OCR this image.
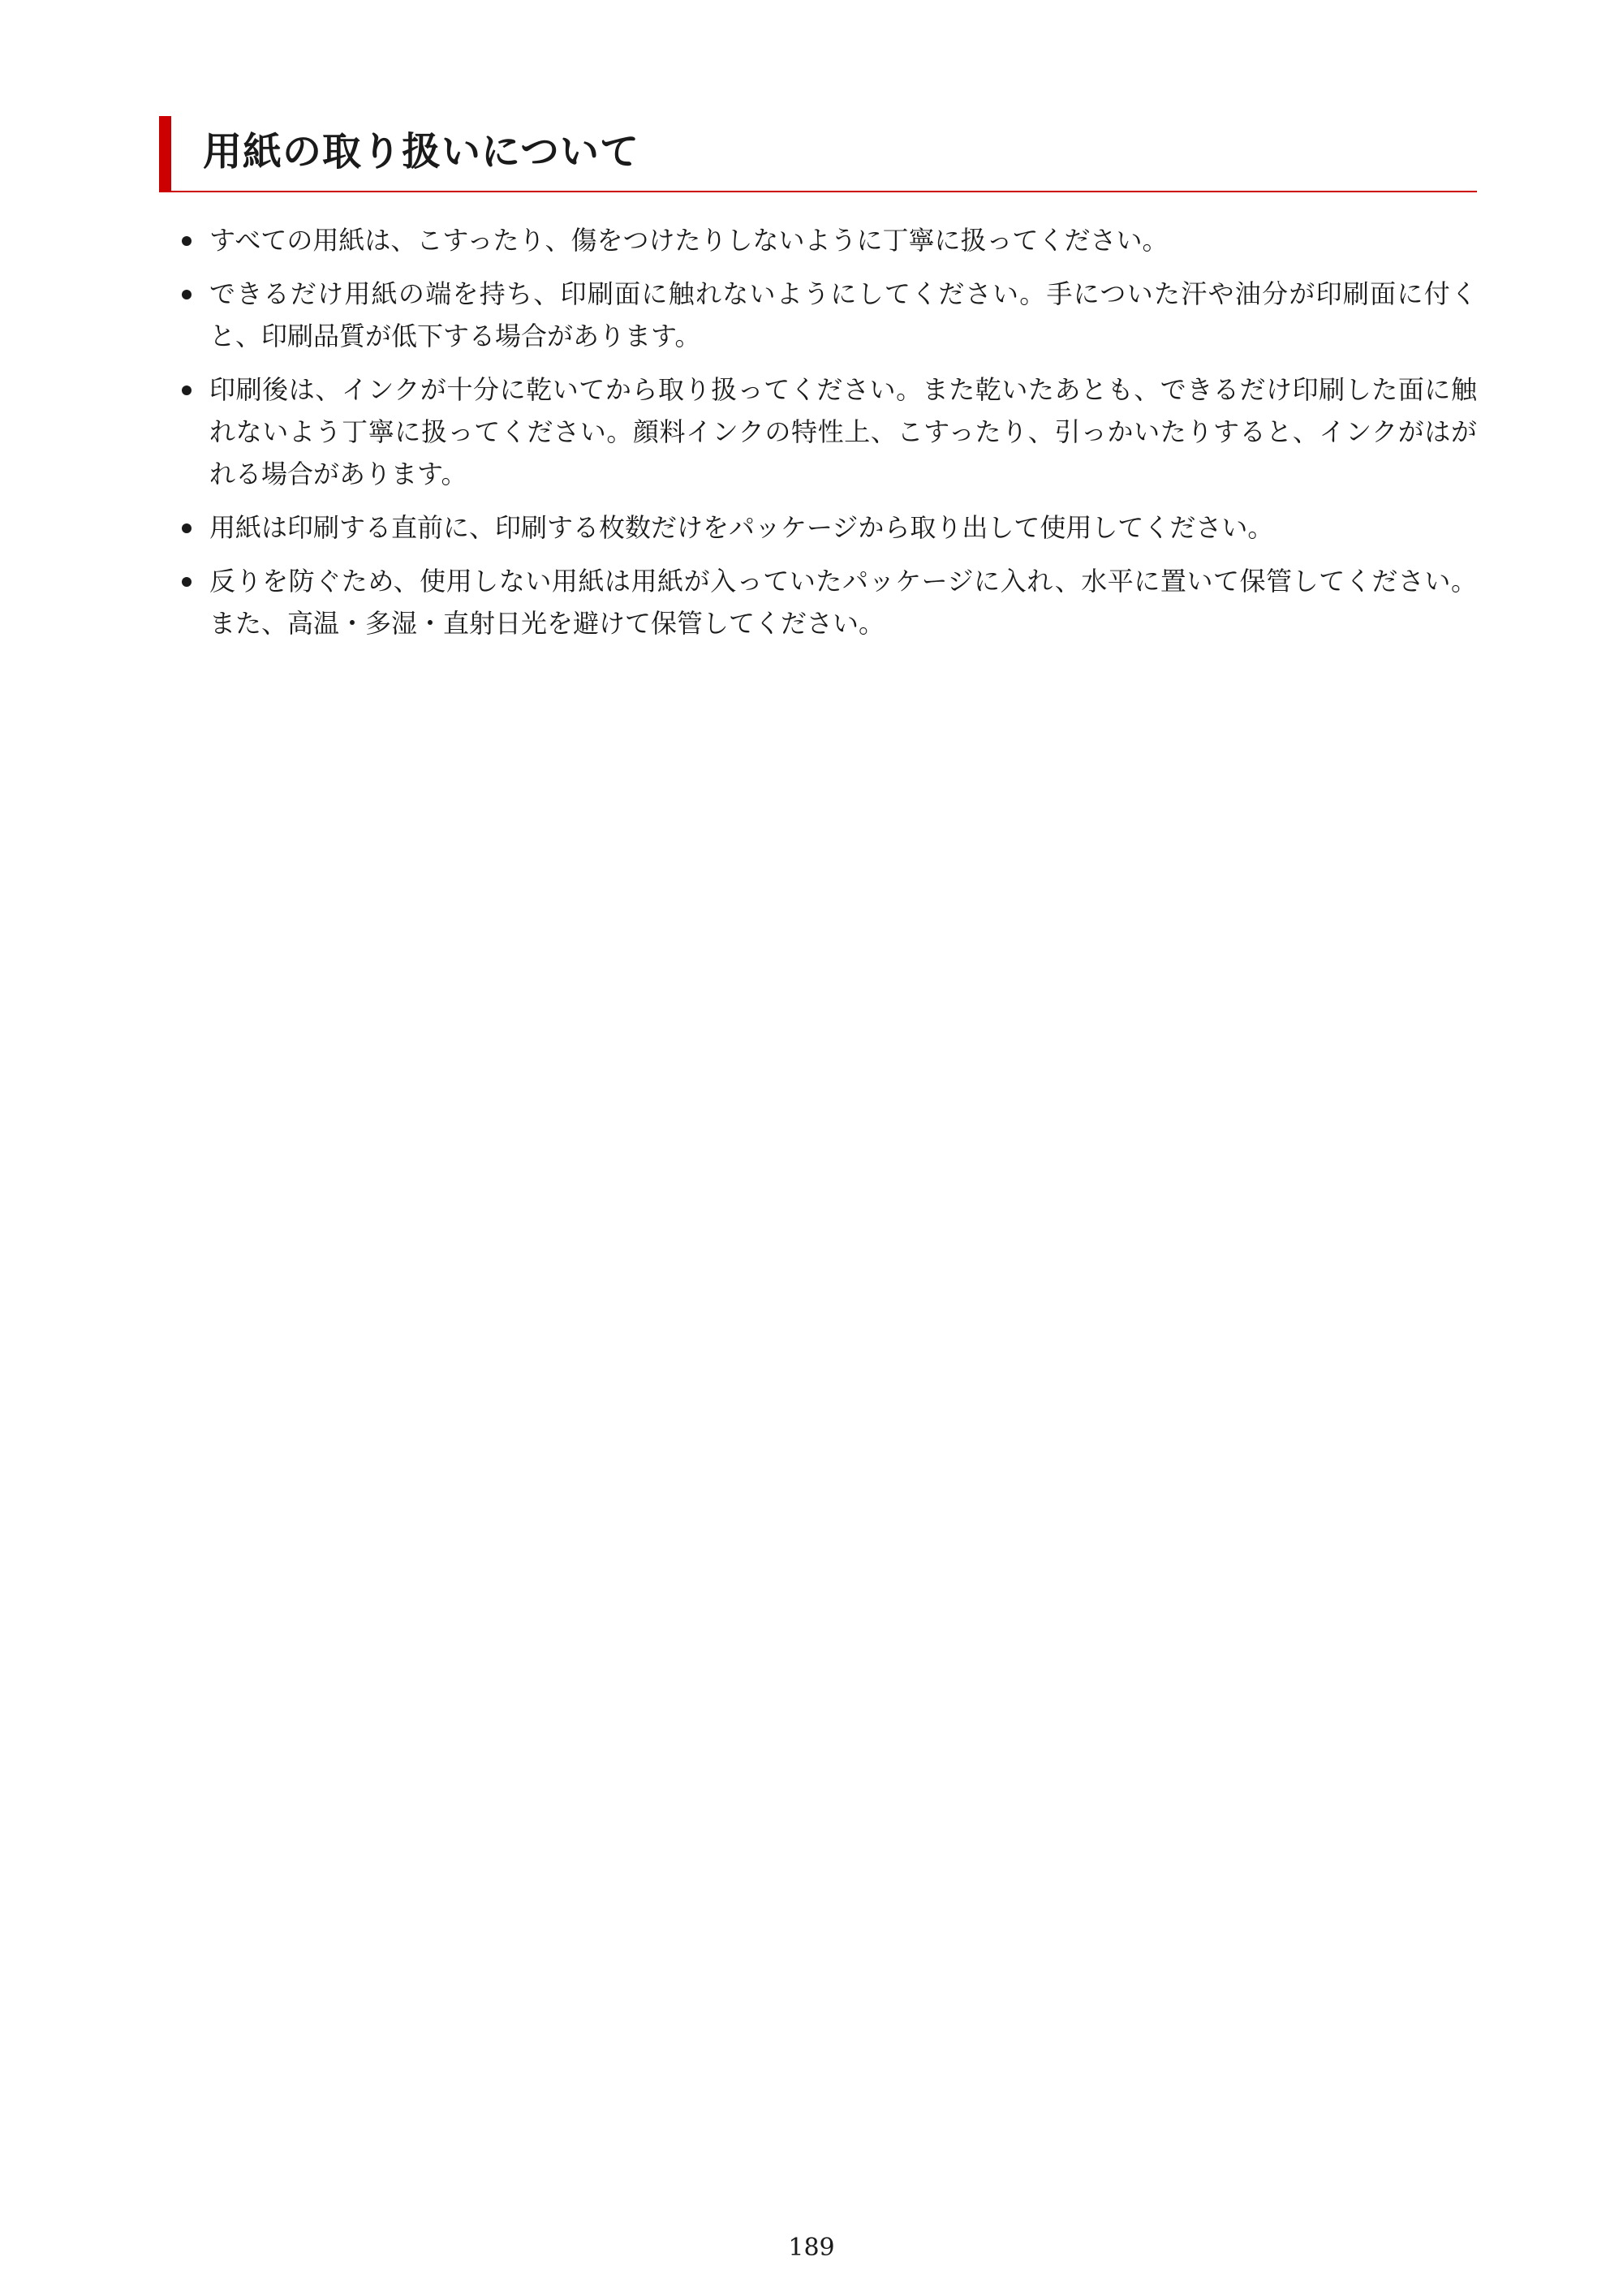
用紙の取り扱いについて
すべての用紙は、こすったり、傷をつけたりしないように丁寧に扱ってください。
できるだけ用紙の端を持ち、印刷面に触れないようにしてください。手についた汗や油分が印刷面に付くと、印刷品質が低下する場合があります。
印刷後は、インクが十分に乾いてから取り扱ってください。また乾いたあとも、できるだけ印刷した面に触れないよう丁寧に扱ってください。顔料インクの特性上、こすったり、引っかいたりすると、インクがはがれる場合があります。
用紙は印刷する直前に、印刷する枚数だけをパッケージから取り出して使用してください。
反りを防ぐため、使用しない用紙は用紙が入っていたパッケージに入れ、水平に置いて保管してください。また、高温・多湿・直射日光を避けて保管してください。
189
